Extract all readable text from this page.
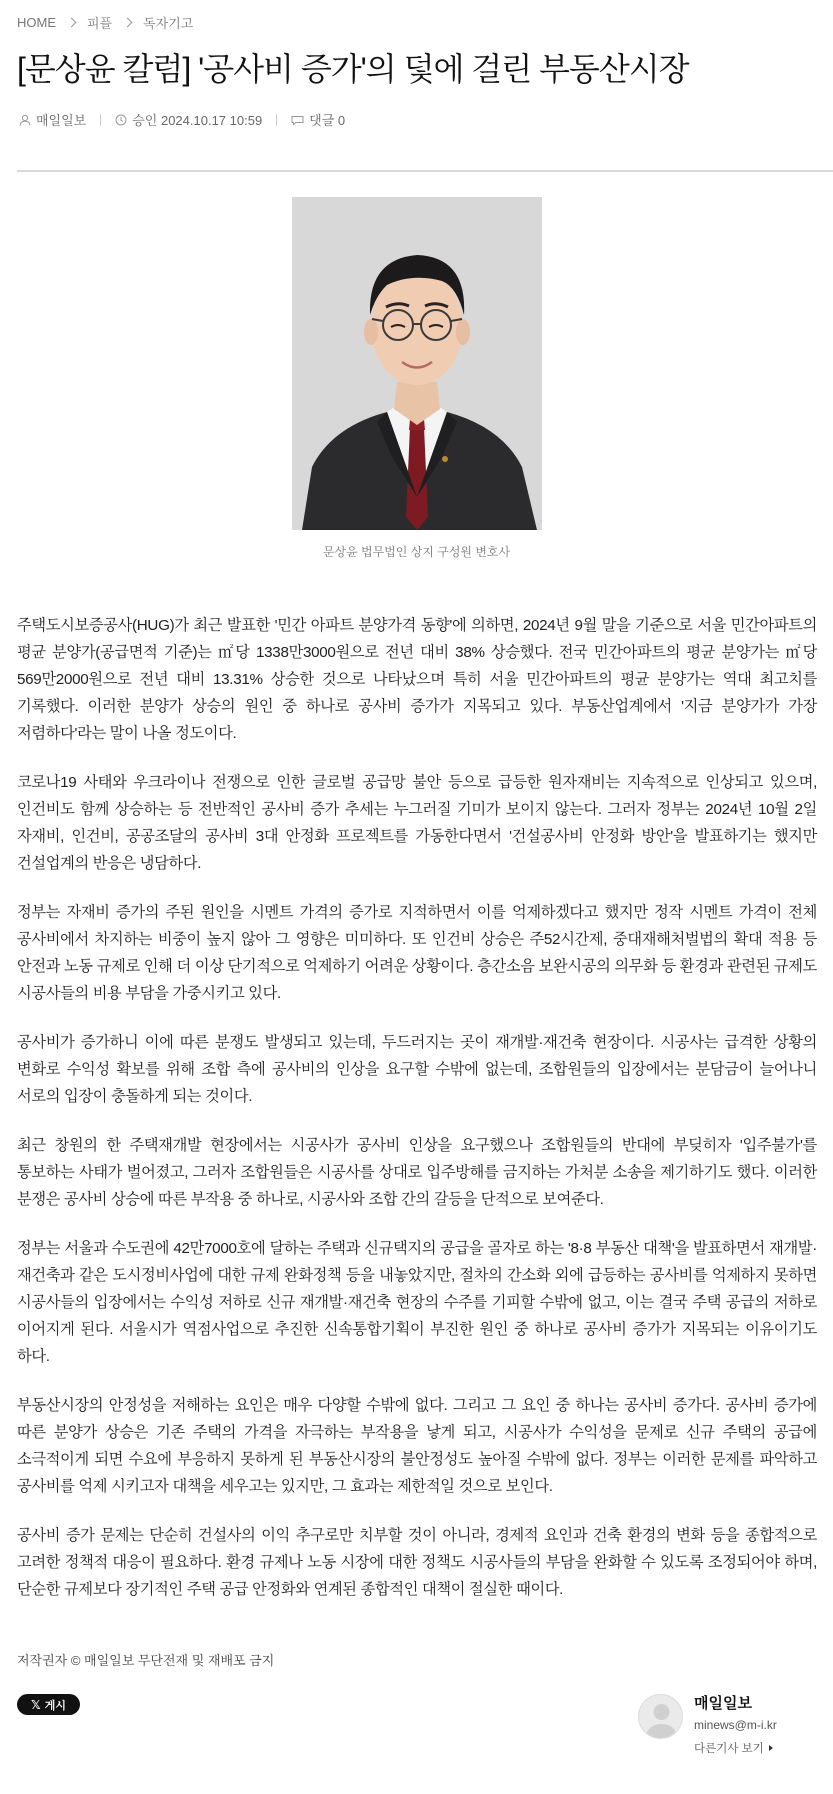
HOME 피플 독자기고
[문상윤 칼럼] '공사비 증가'의 덫에 걸린 부동산시장
매일일보	승인 2024.10.17 10:59	댓글 0
문상윤 법무법인 상지 구성원 변호사

주택도시보증공사(HUG)가 최근 발표한 '민간 아파트 분양가격 동향'에 의하면, 2024년 9월 말을 기준으로 서울 민간아파트의 평균 분양가(공급면적 기준)는 ㎡당 1338만3000원으로 전년 대비 38% 상승했다. 전국 민간아파트의 평균 분양가는 ㎡당 569만2000원으로 전년 대비 13.31% 상승한 것으로 나타났으며 특히 서울 민간아파트의 평균 분양가는 역대 최고치를 기록했다. 이러한 분양가 상승의 원인 중 하나로 공사비 증가가 지목되고 있다. 부동산업계에서 '지금 분양가가 가장 저렴하다'라는 말이 나올 정도이다.

코로나19 사태와 우크라이나 전쟁으로 인한 글로벌 공급망 불안 등으로 급등한 원자재비는 지속적으로 인상되고 있으며, 인건비도 함께 상승하는 등 전반적인 공사비 증가 추세는 누그러질 기미가 보이지 않는다. 그러자 정부는 2024년 10월 2일 자재비, 인건비, 공공조달의 공사비 3대 안정화 프로젝트를 가동한다면서 '건설공사비 안정화 방안'을 발표하기는 했지만 건설업계의 반응은 냉담하다.

정부는 자재비 증가의 주된 원인을 시멘트 가격의 증가로 지적하면서 이를 억제하겠다고 했지만 정작 시멘트 가격이 전체 공사비에서 차지하는 비중이 높지 않아 그 영향은 미미하다. 또 인건비 상승은 주52시간제, 중대재해처벌법의 확대 적용 등 안전과 노동 규제로 인해 더 이상 단기적으로 억제하기 어려운 상황이다. 층간소음 보완시공의 의무화 등 환경과 관련된 규제도 시공사들의 비용 부담을 가중시키고 있다.

공사비가 증가하니 이에 따른 분쟁도 발생되고 있는데, 두드러지는 곳이 재개발·재건축 현장이다. 시공사는 급격한 상황의 변화로 수익성 확보를 위해 조합 측에 공사비의 인상을 요구할 수밖에 없는데, 조합원들의 입장에서는 분담금이 늘어나니 서로의 입장이 충돌하게 되는 것이다.

최근 창원의 한 주택재개발 현장에서는 시공사가 공사비 인상을 요구했으나 조합원들의 반대에 부딪히자 '입주불가'를 통보하는 사태가 벌어졌고, 그러자 조합원들은 시공사를 상대로 입주방해를 금지하는 가처분 소송을 제기하기도 했다. 이러한 분쟁은 공사비 상승에 따른 부작용 중 하나로, 시공사와 조합 간의 갈등을 단적으로 보여준다.

정부는 서울과 수도권에 42만7000호에 달하는 주택과 신규택지의 공급을 골자로 하는 '8·8 부동산 대책'을 발표하면서 재개발·재건축과 같은 도시정비사업에 대한 규제 완화정책 등을 내놓았지만, 절차의 간소화 외에 급등하는 공사비를 억제하지 못하면 시공사들의 입장에서는 수익성 저하로 신규 재개발·재건축 현장의 수주를 기피할 수밖에 없고, 이는 결국 주택 공급의 저하로 이어지게 된다. 서울시가 역점사업으로 추진한 신속통합기획이 부진한 원인 중 하나로 공사비 증가가 지목되는 이유이기도 하다.

부동산시장의 안정성을 저해하는 요인은 매우 다양할 수밖에 없다. 그리고 그 요인 중 하나는 공사비 증가다. 공사비 증가에 따른 분양가 상승은 기존 주택의 가격을 자극하는 부작용을 낳게 되고, 시공사가 수익성을 문제로 신규 주택의 공급에 소극적이게 되면 수요에 부응하지 못하게 된 부동산시장의 불안정성도 높아질 수밖에 없다. 정부는 이러한 문제를 파악하고 공사비를 억제 시키고자 대책을 세우고는 있지만, 그 효과는 제한적일 것으로 보인다.

공사비 증가 문제는 단순히 건설사의 이익 추구로만 치부할 것이 아니라, 경제적 요인과 건축 환경의 변화 등을 종합적으로 고려한 정책적 대응이 필요하다. 환경 규제나 노동 시장에 대한 정책도 시공사들의 부담을 완화할 수 있도록 조정되어야 하며, 단순한 규제보다 장기적인 주택 공급 안정화와 연계된 종합적인 대책이 절실한 때이다.

저작권자 © 매일일보 무단전재 및 재배포 금지
𝕏 게시	매일일보
minews@m-i.kr
다른기사 보기
